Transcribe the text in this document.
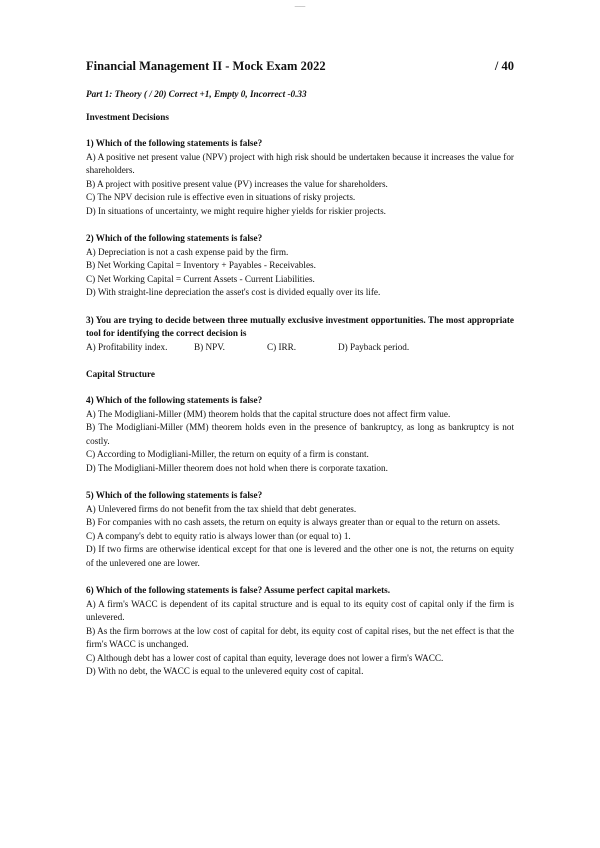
___
Financial Management II - Mock Exam 2022	/ 40
Part 1: Theory ( / 20) Correct +1, Empty 0, Incorrect -0.33
Investment Decisions
1) Which of the following statements is false?
A) A positive net present value (NPV) project with high risk should be undertaken because it increases the value for shareholders.
B) A project with positive present value (PV) increases the value for shareholders.
C) The NPV decision rule is effective even in situations of risky projects.
D) In situations of uncertainty, we might require higher yields for riskier projects.
2) Which of the following statements is false?
A) Depreciation is not a cash expense paid by the firm.
B) Net Working Capital = Inventory + Payables - Receivables.
C) Net Working Capital = Current Assets - Current Liabilities.
D) With straight-line depreciation the asset's cost is divided equally over its life.
3) You are trying to decide between three mutually exclusive investment opportunities. The most appropriate tool for identifying the correct decision is
A) Profitability index.	B) NPV.	C) IRR.	D) Payback period.
Capital Structure
4) Which of the following statements is false?
A) The Modigliani-Miller (MM) theorem holds that the capital structure does not affect firm value.
B) The Modigliani-Miller (MM) theorem holds even in the presence of bankruptcy, as long as bankruptcy is not costly.
C) According to Modigliani-Miller, the return on equity of a firm is constant.
D) The Modigliani-Miller theorem does not hold when there is corporate taxation.
5) Which of the following statements is false?
A) Unlevered firms do not benefit from the tax shield that debt generates.
B) For companies with no cash assets, the return on equity is always greater than or equal to the return on assets.
C) A company's debt to equity ratio is always lower than (or equal to) 1.
D) If two firms are otherwise identical except for that one is levered and the other one is not, the returns on equity of the unlevered one are lower.
6) Which of the following statements is false? Assume perfect capital markets.
A) A firm's WACC is dependent of its capital structure and is equal to its equity cost of capital only if the firm is unlevered.
B) As the firm borrows at the low cost of capital for debt, its equity cost of capital rises, but the net effect is that the firm's WACC is unchanged.
C) Although debt has a lower cost of capital than equity, leverage does not lower a firm's WACC.
D) With no debt, the WACC is equal to the unlevered equity cost of capital.
